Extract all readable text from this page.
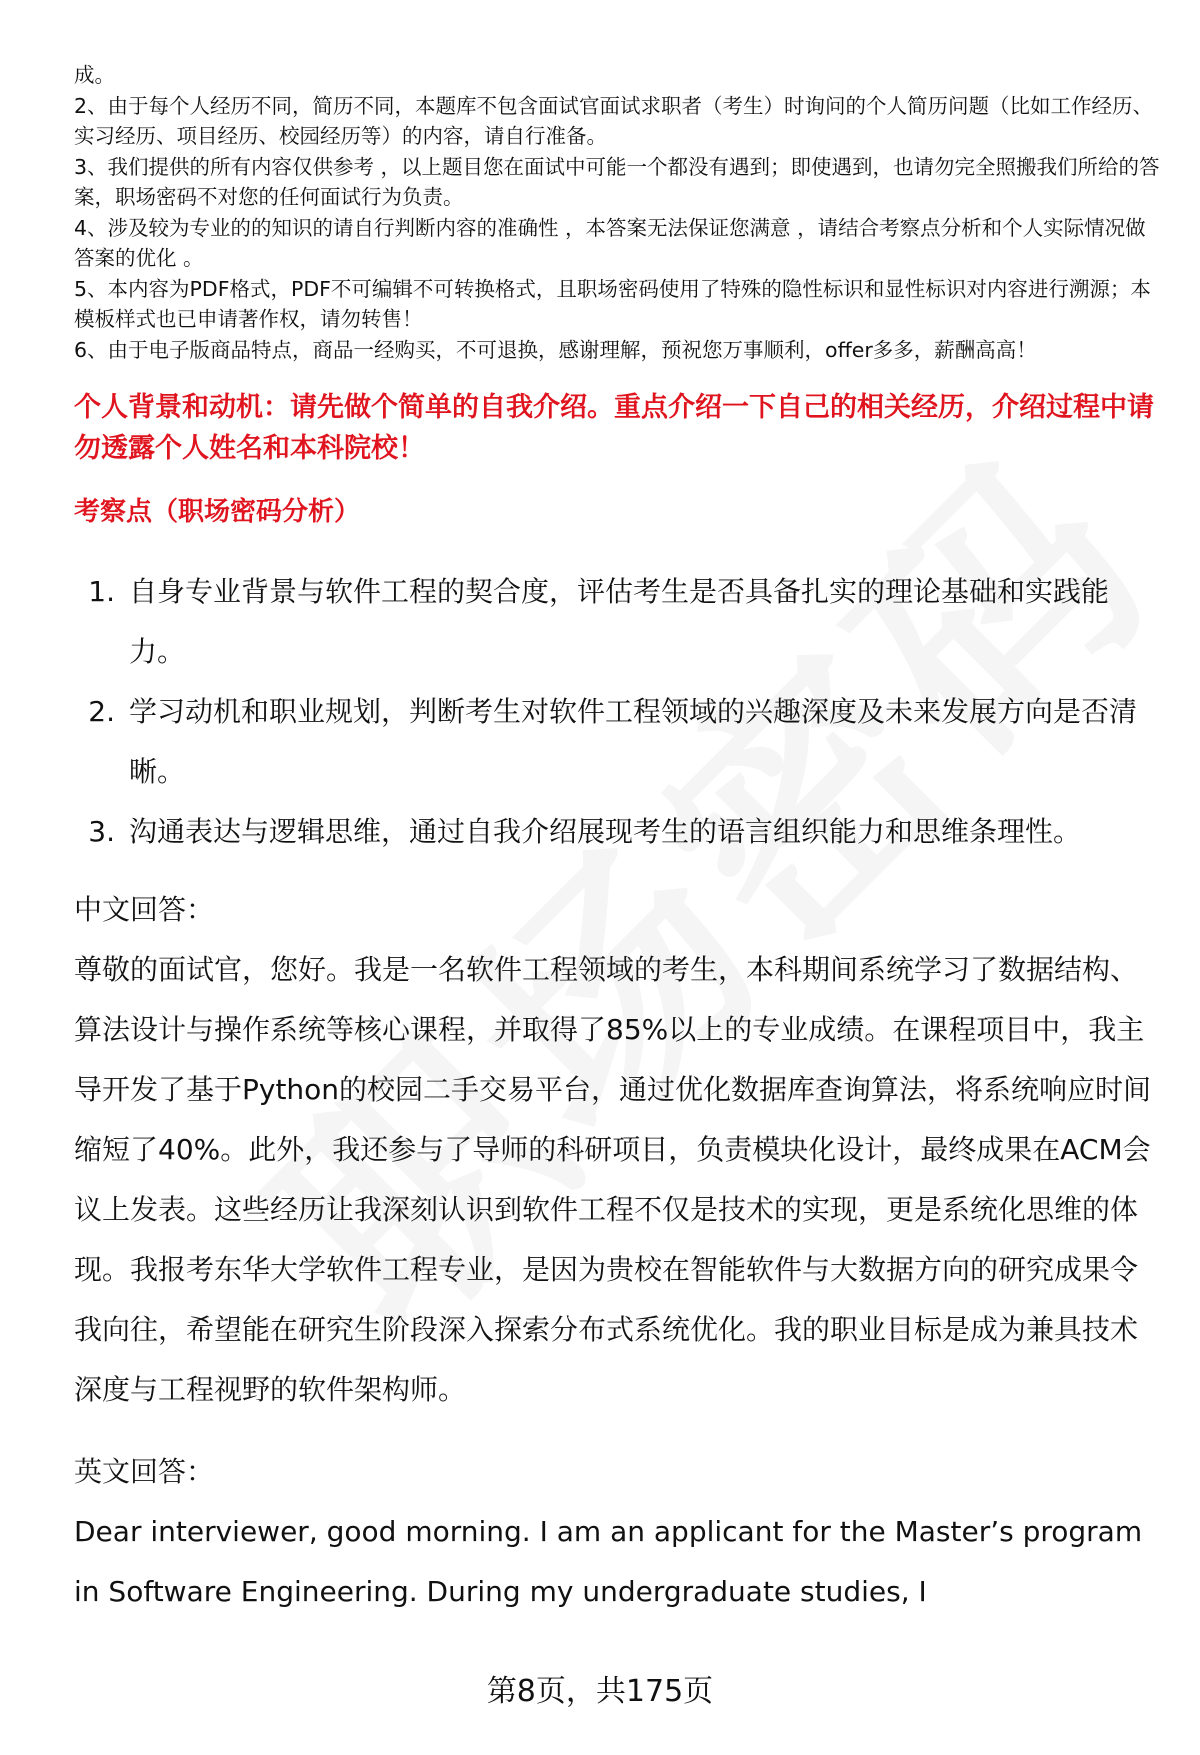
成。

2、由于每个人经历不同，简历不同，本题库不包含面试官面试求职者（考生）时询问的个人简历问题（比如工作经历、实习经历、项目经历、校园经历等）的内容，请自行准备。

3、我们提供的所有内容仅供参考 ，以上题目您在面试中可能一个都没有遇到；即使遇到，也请勿完全照搬我们所给的答案，职场密码不对您的任何面试行为负责。

4、涉及较为专业的的知识的请自行判断内容的准确性 ，本答案无法保证您满意 ，请结合考察点分析和个人实际情况做答案的优化 。

5、本内容为PDF格式，PDF不可编辑不可转换格式，且职场密码使用了特殊的隐性标识和显性标识对内容进行溯源；本模板样式也已申请著作权，请勿转售！

6、由于电子版商品特点，商品一经购买，不可退换，感谢理解，预祝您万事顺利，offer多多，薪酬高高！

个人背景和动机：请先做个简单的自我介绍。重点介绍一下自己的相关经历，介绍过程中请勿透露个人姓名和本科院校！
考察点（职场密码分析）
1. 自身专业背景与软件工程的契合度，评估考生是否具备扎实的理论基础和实践能力。
2. 学习动机和职业规划，判断考生对软件工程领域的兴趣深度及未来发展方向是否清晰。
3. 沟通表达与逻辑思维，通过自我介绍展现考生的语言组织能力和思维条理性。

中文回答：

尊敬的面试官，您好。我是一名软件工程领域的考生，本科期间系统学习了数据结构、算法设计与操作系统等核心课程，并取得了85%以上的专业成绩。在课程项目中，我主导开发了基于Python的校园二手交易平台，通过优化数据库查询算法，将系统响应时间缩短了40%。此外，我还参与了导师的科研项目，负责模块化设计，最终成果在ACM会议上发表。这些经历让我深刻认识到软件工程不仅是技术的实现，更是系统化思维的体现。我报考东华大学软件工程专业，是因为贵校在智能软件与大数据方向的研究成果令我向往，希望能在研究生阶段深入探索分布式系统优化。我的职业目标是成为兼具技术深度与工程视野的软件架构师。

英文回答：

Dear interviewer, good morning. I am an applicant for the Master’s program in Software Engineering. During my undergraduate studies, I

第8页，共175页
